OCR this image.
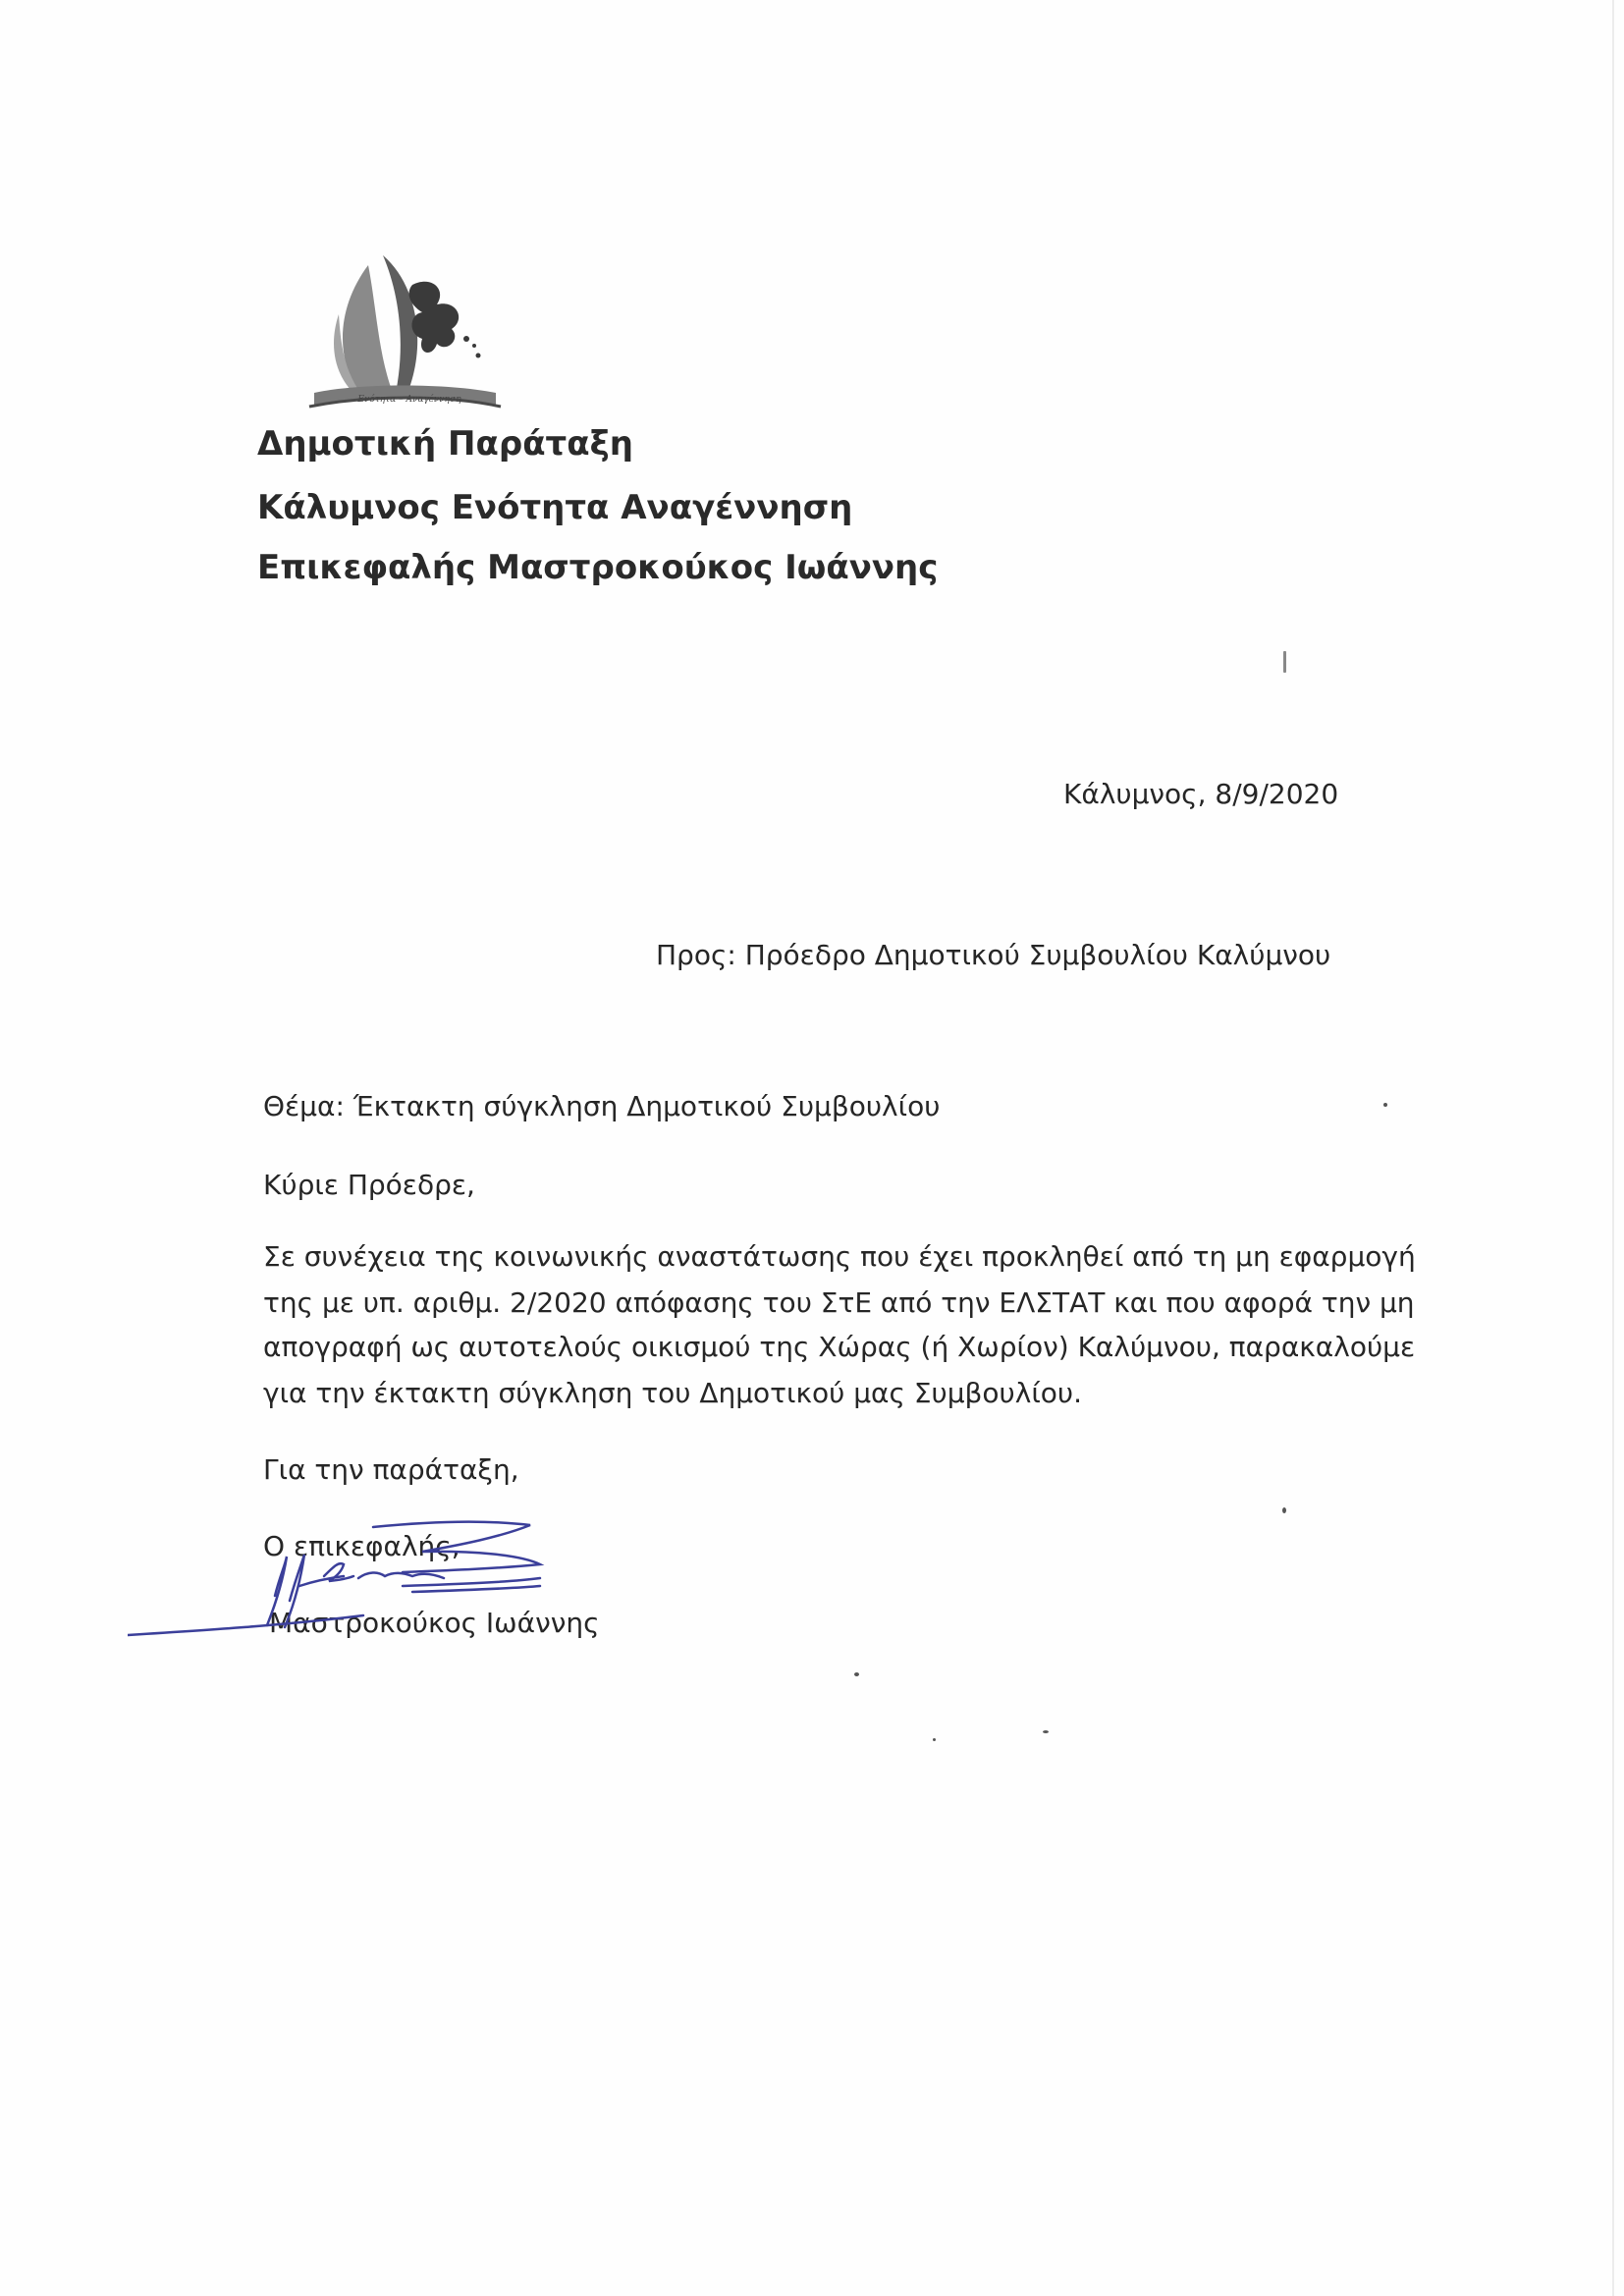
Ενότητα – Αναγέννηση
Δημοτική Παράταξη
Κάλυμνος Ενότητα Αναγέννηση
Επικεφαλής Μαστροκούκος Ιωάννης
Κάλυμνος, 8/9/2020
Προς: Πρόεδρο Δημοτικού Συμβουλίου Καλύμνου
Θέμα: Έκτακτη σύγκληση Δημοτικού Συμβουλίου
Κύριε Πρόεδρε,
Σε συνέχεια της κοινωνικής αναστάτωσης που έχει προκληθεί από τη μη εφαρμογή
της με υπ. αριθμ. 2/2020 απόφασης του ΣτΕ από την ΕΛΣΤΑΤ και που αφορά την μη
απογραφή ως αυτοτελούς οικισμού της Χώρας (ή Χωρίον) Καλύμνου, παρακαλούμε
για την έκτακτη σύγκληση του Δημοτικού μας Συμβουλίου.
Για την παράταξη,
Ο επικεφαλής,
Μαστροκούκος Ιωάννης
